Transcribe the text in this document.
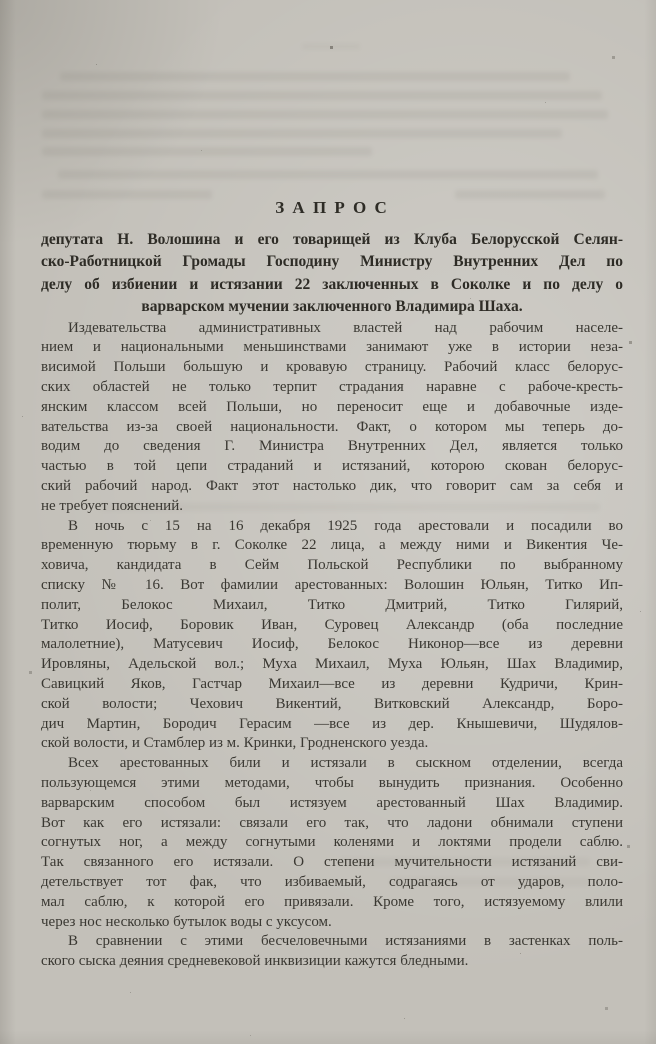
З А П Р О С
депутата Н. Волошина и его товарищей из Клуба Белорусской Селян-
ско-Работницкой Громады Господину Министру Внутренних Дел по
делу об избиении и истязании 22 заключенных в Соколке и по делу о
варварском мучении заключенного Владимира Шаха.

Издевательства административных властей над рабочим населе-
нием и национальными меньшинствами занимают уже в истории неза-
висимой Польши большую и кровавую страницу. Рабочий класс белорус-
ских областей не только терпит страдания наравне с рабоче-кресть-
янским классом всей Польши, но переносит еще и добавочные изде-
вательства из-за своей национальности. Факт, о котором мы теперь до-
водим до сведения Г. Министра Внутренних Дел, является только
частью в той цепи страданий и истязаний, которою скован белорус-
ский рабочий народ. Факт этот настолько дик, что говорит сам за себя и
не требует пояснений.

В ночь с 15 на 16 декабря 1925 года арестовали и посадили во
временную тюрьму в г. Соколке 22 лица, а между ними и Викентия Че-
ховича, кандидата в Сейм Польской Республики по выбранному
списку № 16. Вот фамилии арестованных: Волошин Юльян, Титко Ип-
полит, Белокос Михаил, Титко Дмитрий, Титко Гилярий,
Титко Иосиф, Боровик Иван, Суровец Александр (оба последние
малолетние), Матусевич Иосиф, Белокос Никонор—все из деревни
Ировляны, Адельской вол.; Муха Михаил, Муха Юльян, Шах Владимир,
Савицкий Яков, Гастчар Михаил—все из деревни Кудричи, Крин-
ской волости; Чехович Викентий, Витковский Александр, Боро-
дич Мартин, Бородич Герасим —все из дер. Кнышевичи, Шудялов-
ской волости, и Стамблер из м. Кринки, Гродненского уезда.

Всех арестованных били и истязали в сыскном отделении, всегда
пользующемся этими методами, чтобы вынудить признания. Особенно
варварским способом был истязуем арестованный Шах Владимир.
Вот как его истязали: связали его так, что ладони обнимали ступени
согнутых ног, а между согнутыми коленями и локтями продели саблю.
Так связанного его истязали. О степени мучительности истязаний сви-
детельствует тот фак, что избиваемый, содрагаясь от ударов, поло-
мал саблю, к которой его привязали. Кроме того, истязуемому влили
через нос несколько бутылок воды с уксусом.

В сравнении с этими бесчеловечными истязаниями в застенках поль-
ского сыска деяния средневековой инквизиции кажутся бледными.
